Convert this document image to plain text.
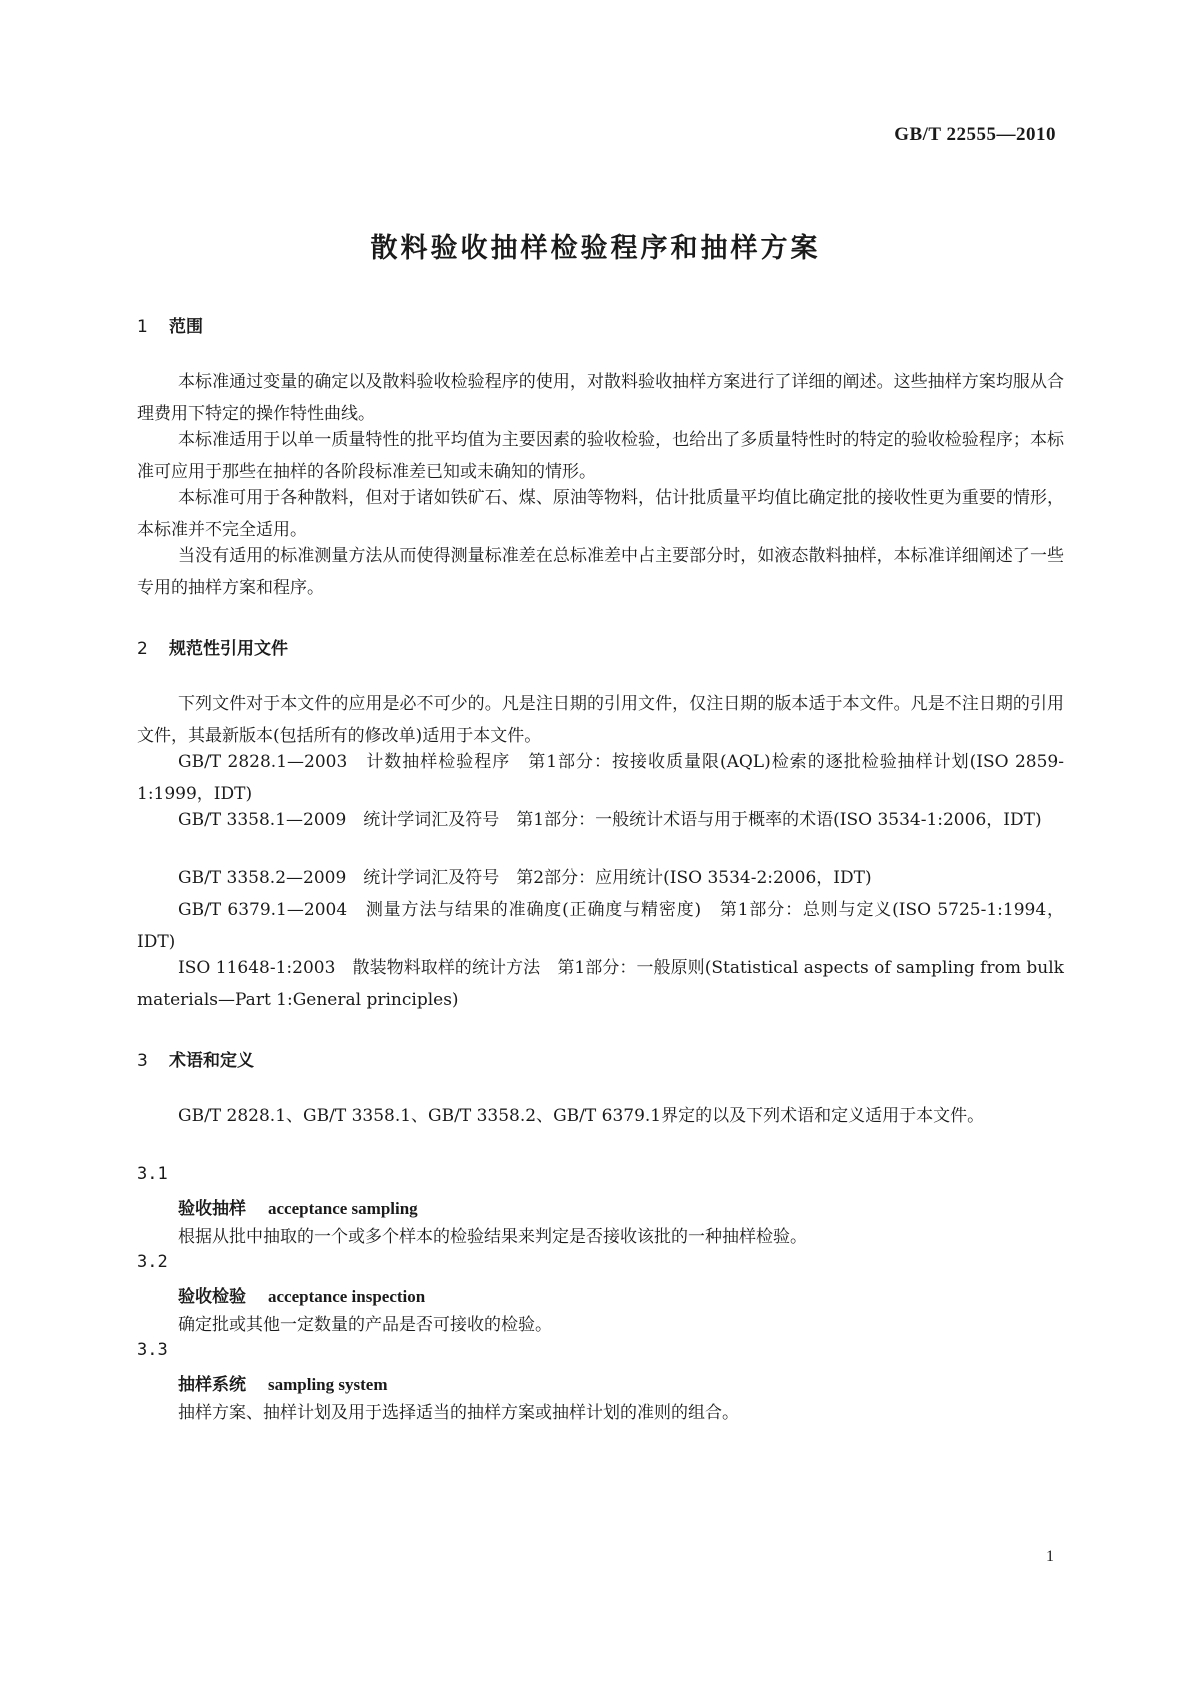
GB/T 22555—2010
散料验收抽样检验程序和抽样方案
1 范围

本标准通过变量的确定以及散料验收检验程序的使用，对散料验收抽样方案进行了详细的阐述。这些抽样方案均服从合理费用下特定的操作特性曲线。

本标准适用于以单一质量特性的批平均值为主要因素的验收检验，也给出了多质量特性时的特定的验收检验程序；本标准可应用于那些在抽样的各阶段标准差已知或未确知的情形。

本标准可用于各种散料，但对于诸如铁矿石、煤、原油等物料，估计批质量平均值比确定批的接收性更为重要的情形，本标准并不完全适用。

当没有适用的标准测量方法从而使得测量标准差在总标准差中占主要部分时，如液态散料抽样，本标准详细阐述了一些专用的抽样方案和程序。

2 规范性引用文件

下列文件对于本文件的应用是必不可少的。凡是注日期的引用文件，仅注日期的版本适于本文件。凡是不注日期的引用文件，其最新版本(包括所有的修改单)适用于本文件。

GB/T 2828.1—2003　计数抽样检验程序　第1部分：按接收质量限(AQL)检索的逐批检验抽样计划(ISO 2859-1:1999，IDT)

GB/T 3358.1—2009　统计学词汇及符号　第1部分：一般统计术语与用于概率的术语(ISO 3534-1:2006，IDT)

GB/T 3358.2—2009　统计学词汇及符号　第2部分：应用统计(ISO 3534-2:2006，IDT)

GB/T 6379.1—2004　测量方法与结果的准确度(正确度与精密度)　第1部分：总则与定义(ISO 5725-1:1994，IDT)

ISO 11648-1:2003　散装物料取样的统计方法　第1部分：一般原则(Statistical aspects of sampling from bulk materials—Part 1:General principles)

3 术语和定义

GB/T 2828.1、GB/T 3358.1、GB/T 3358.2、GB/T 6379.1界定的以及下列术语和定义适用于本文件。

3.1
验收抽样 acceptance sampling
根据从批中抽取的一个或多个样本的检验结果来判定是否接收该批的一种抽样检验。
3.2
验收检验 acceptance inspection
确定批或其他一定数量的产品是否可接收的检验。
3.3
抽样系统 sampling system
抽样方案、抽样计划及用于选择适当的抽样方案或抽样计划的准则的组合。
1
